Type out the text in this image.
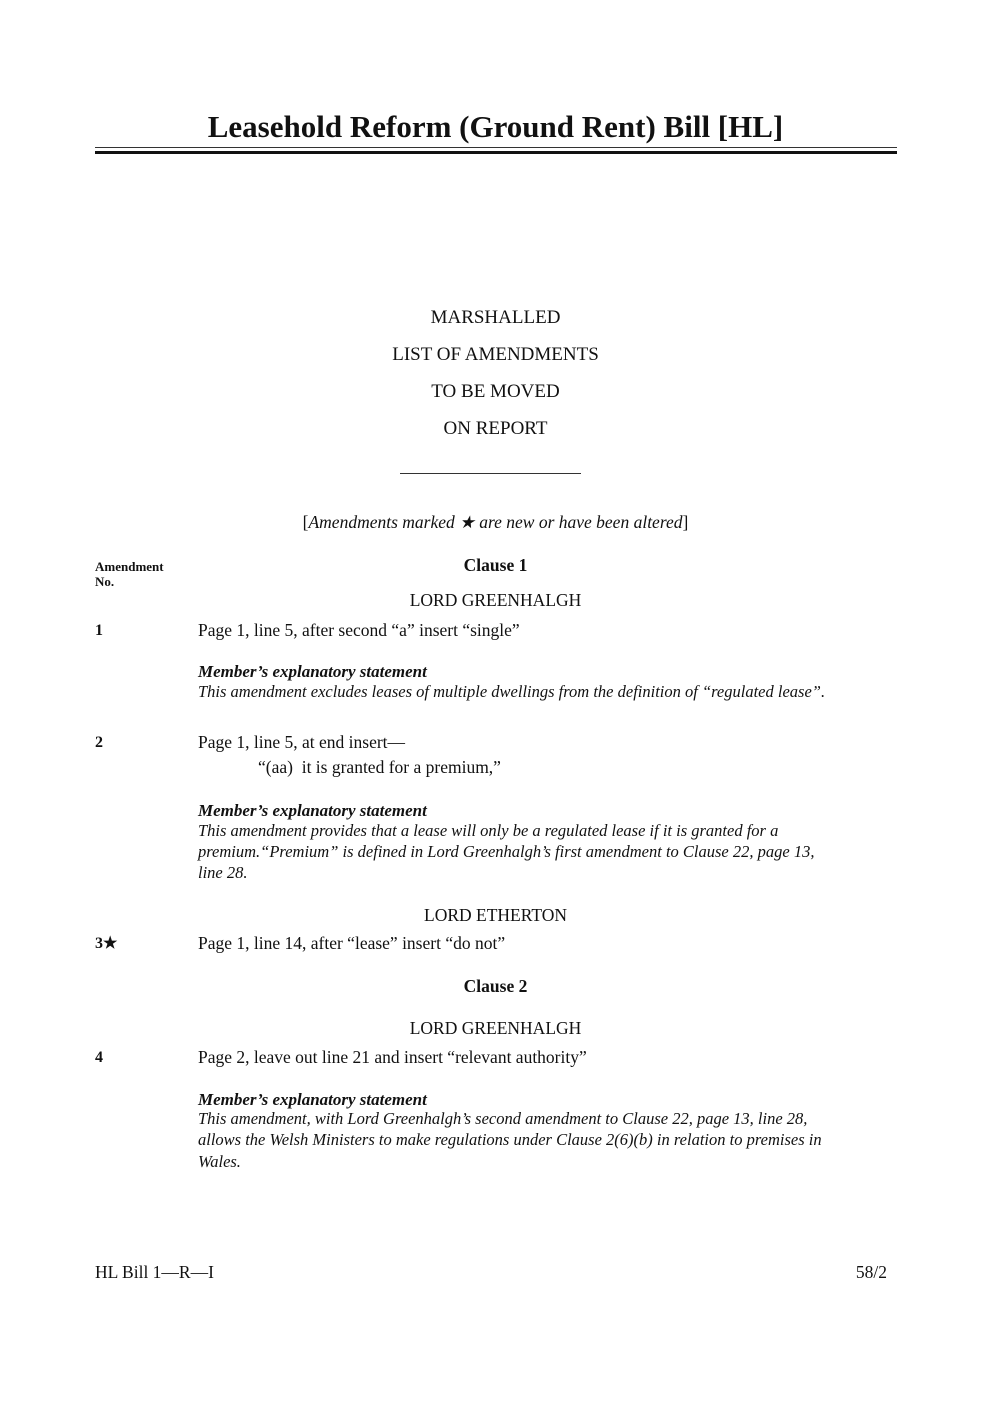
Leasehold Reform (Ground Rent) Bill [HL]
MARSHALLED
LIST OF AMENDMENTS
TO BE MOVED
ON REPORT
[Amendments marked ★ are new or have been altered]
Amendment No.
Clause 1
LORD GREENHALGH
1	Page 1, line 5, after second “a” insert “single”
Member’s explanatory statement
This amendment excludes leases of multiple dwellings from the definition of “regulated lease”.
2	Page 1, line 5, at end insert—
“(aa)  it is granted for a premium,”
Member’s explanatory statement
This amendment provides that a lease will only be a regulated lease if it is granted for a
premium.“Premium” is defined in Lord Greenhalgh’s first amendment to Clause 22, page 13,
line 28.
LORD ETHERTON
3★	Page 1, line 14, after “lease” insert “do not”
Clause 2
LORD GREENHALGH
4	Page 2, leave out line 21 and insert “relevant authority”
Member’s explanatory statement
This amendment, with Lord Greenhalgh’s second amendment to Clause 22, page 13, line 28,
allows the Welsh Ministers to make regulations under Clause 2(6)(b) in relation to premises in
Wales.
HL Bill 1—R—I	58/2
